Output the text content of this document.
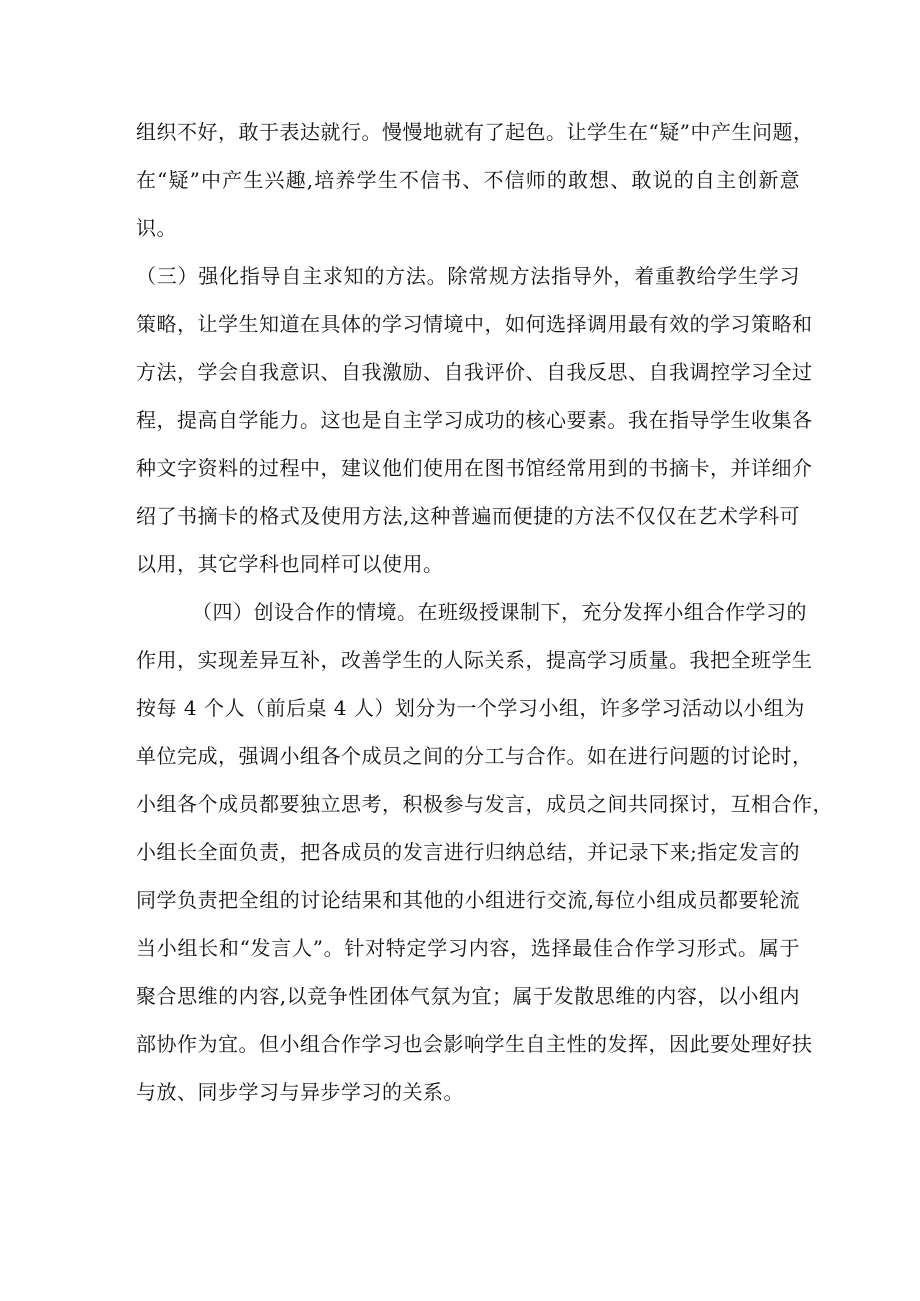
组织不好，敢于表达就行。慢慢地就有了起色。让学生在“疑”中产生问题，
在“疑”中产生兴趣,培养学生不信书、不信师的敢想、敢说的自主创新意
识。
（三）强化指导自主求知的方法。除常规方法指导外，着重教给学生学习
策略，让学生知道在具体的学习情境中，如何选择调用最有效的学习策略和
方法，学会自我意识、自我激励、自我评价、自我反思、自我调控学习全过
程，提高自学能力。这也是自主学习成功的核心要素。我在指导学生收集各
种文字资料的过程中，建议他们使用在图书馆经常用到的书摘卡，并详细介
绍了书摘卡的格式及使用方法,这种普遍而便捷的方法不仅仅在艺术学科可
以用，其它学科也同样可以使用。
（四）创设合作的情境。在班级授课制下，充分发挥小组合作学习的
作用，实现差异互补，改善学生的人际关系，提高学习质量。我把全班学生
按每 4 个人（前后桌 4 人）划分为一个学习小组，许多学习活动以小组为
单位完成，强调小组各个成员之间的分工与合作。如在进行问题的讨论时，
小组各个成员都要独立思考，积极参与发言，成员之间共同探讨，互相合作，
小组长全面负责，把各成员的发言进行归纳总结，并记录下来;指定发言的
同学负责把全组的讨论结果和其他的小组进行交流,每位小组成员都要轮流
当小组长和“发言人”。针对特定学习内容，选择最佳合作学习形式。属于
聚合思维的内容,以竞争性团体气氛为宜；属于发散思维的内容，以小组内
部协作为宜。但小组合作学习也会影响学生自主性的发挥，因此要处理好扶
与放、同步学习与异步学习的关系。
